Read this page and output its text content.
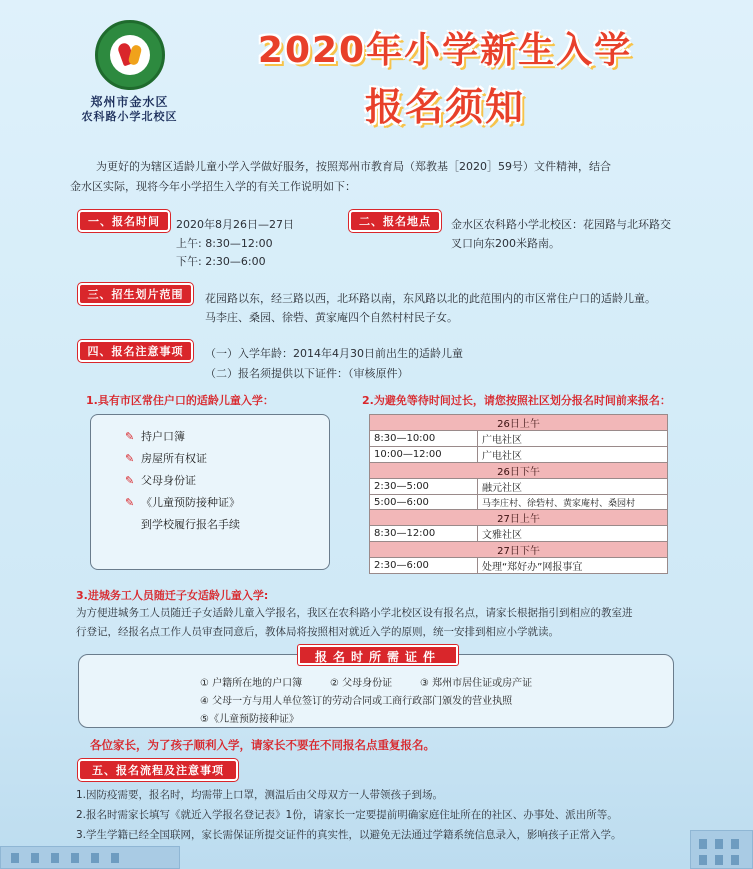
郑州市金水区
农科路小学北校区
2020年小学新生入学
报名须知
为更好的为辖区适龄儿童小学入学做好服务，按照郑州市教育局（郑教基［2020］59号）文件精神，结合
金水区实际，现将今年小学招生入学的有关工作说明如下：
一、报名时间	2020年8月26日—27日
上午: 8:30—12:00
下午: 2:30—6:00
二、报名地点	金水区农科路小学北校区：花园路与北环路交
叉口向东200米路南。
三、招生划片范围	花园路以东，经三路以西，北环路以南，东风路以北的此范围内的市区常住户口的适龄儿童。
马李庄、桑园、徐砦、黄家庵四个自然村村民子女。
四、报名注意事项	（一）入学年龄：2014年4月30日前出生的适龄儿童
（二）报名须提供以下证件：（审核原件）
1.具有市区常住户口的适龄儿童入学：
✎ 持户口簿
✎ 房屋所有权证
✎ 父母身份证
✎ 《儿童预防接种证》
到学校履行报名手续
2.为避免等待时间过长，请您按照社区划分报名时间前来报名：
26日上午	
8:30—10:00	广电社区
10:00—12:00	广电社区
26日下午	
2:30—5:00	融元社区
5:00—6:00	马李庄村、徐砦村、黄家庵村、桑园村
27日上午	
8:30—12:00	文雅社区
27日下午	
2:30—6:00	处理“郑好办”网报事宜
3.进城务工人员随迁子女适龄儿童入学:
为方便进城务工人员随迁子女适龄儿童入学报名，我区在农科路小学北校区设有报名点，请家长根据指引到相应的教室进
行登记，经报名点工作人员审查同意后，教体局将按照相对就近入学的原则，统一安排到相应小学就读。
报名时所需证件
① 户籍所在地的户口簿	② 父母身份证	③ 郑州市居住证或房产证
④ 父母一方与用人单位签订的劳动合同或工商行政部门颁发的营业执照
⑤《儿童预防接种证》
各位家长，为了孩子顺利入学，请家长不要在不同报名点重复报名。
五、报名流程及注意事项
1.因防疫需要，报名时，均需带上口罩，测温后由父母双方一人带领孩子到场。
2.报名时需家长填写《就近入学报名登记表》1份，请家长一定要提前明确家庭住址所在的社区、办事处、派出所等。
3.学生学籍已经全国联网，家长需保证所提交证件的真实性，以避免无法通过学籍系统信息录入，影响孩子正常入学。
